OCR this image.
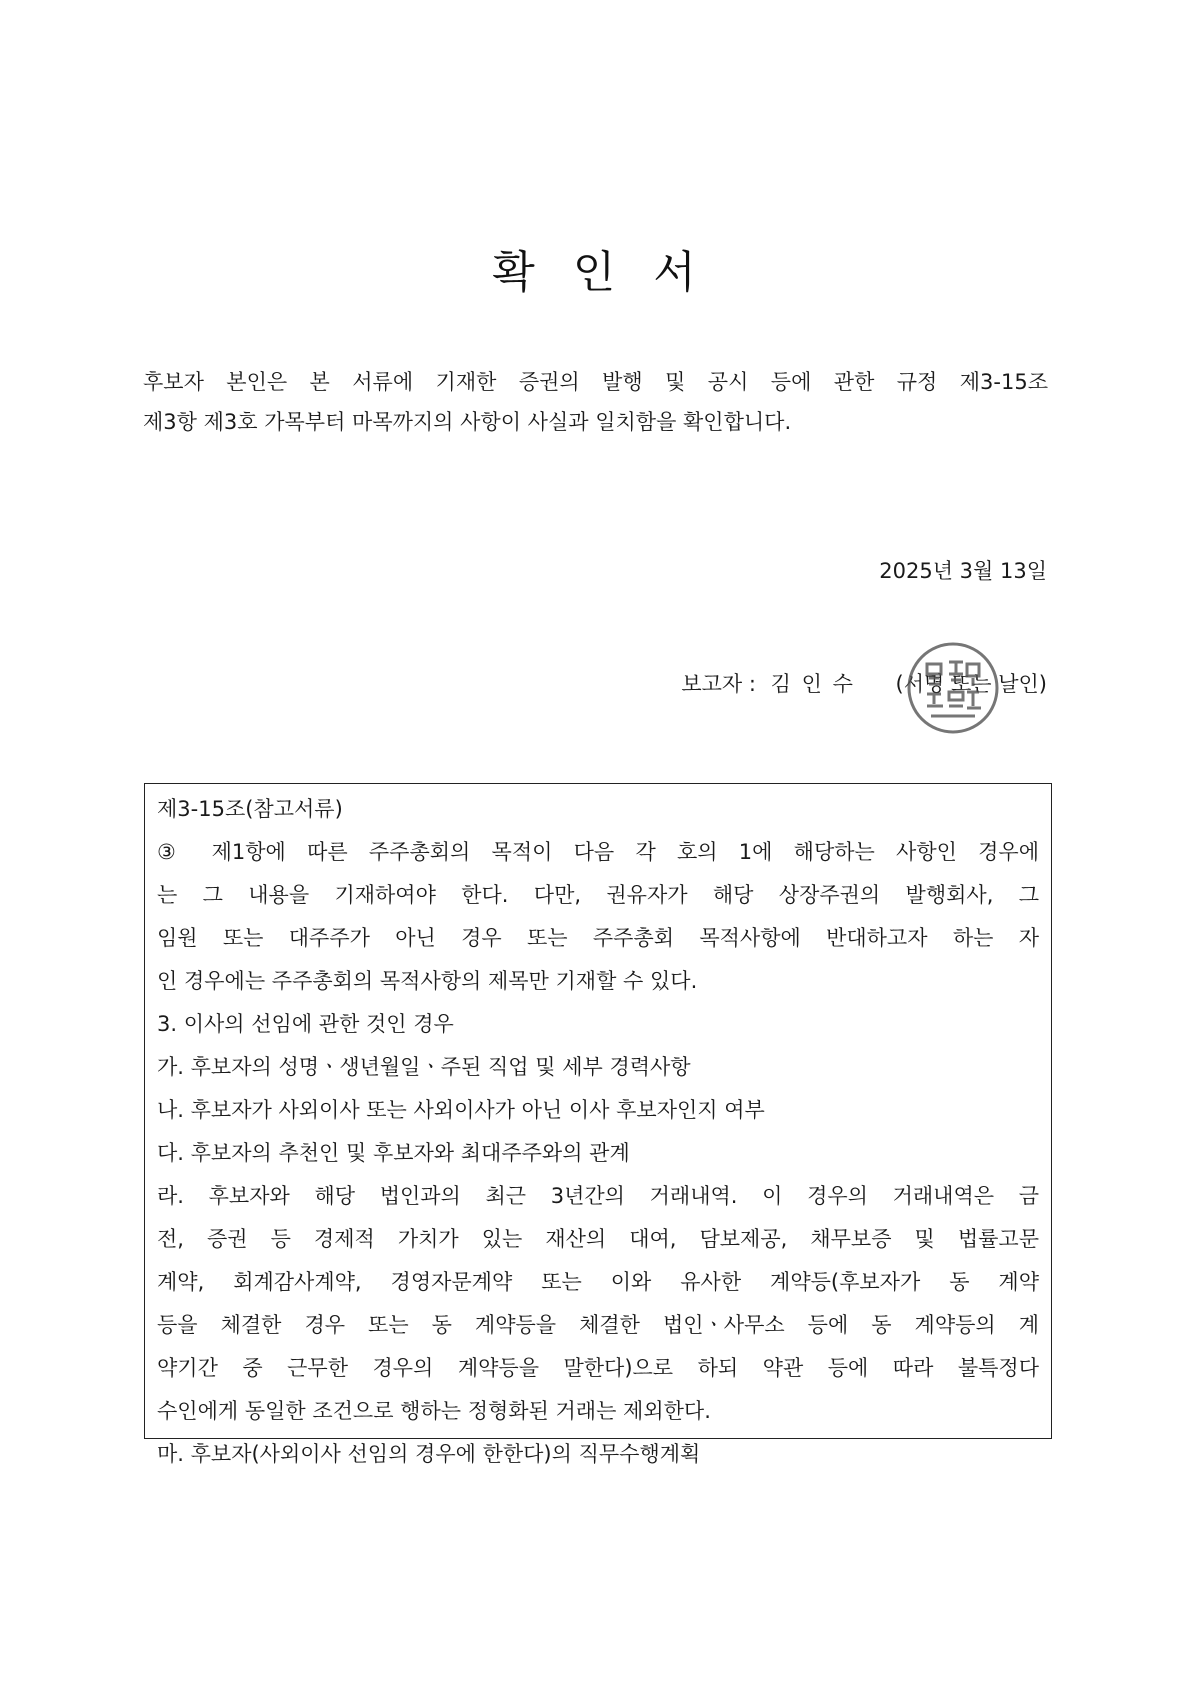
확 인 서
후보자 본인은 본 서류에 기재한 증권의 발행 및 공시 등에 관한 규정 제3-15조
제3항 제3호 가목부터 마목까지의 사항이 사실과 일치함을 확인합니다.
2025년 3월 13일
보고자 : 김 인 수 (서명 또는 날인)
제3-15조(참고서류)
③ 제1항에 따른 주주총회의 목적이 다음 각 호의 1에 해당하는 사항인 경우에
는 그 내용을 기재하여야 한다. 다만, 권유자가 해당 상장주권의 발행회사, 그
임원 또는 대주주가 아닌 경우 또는 주주총회 목적사항에 반대하고자 하는 자
인 경우에는 주주총회의 목적사항의 제목만 기재할 수 있다.
3. 이사의 선임에 관한 것인 경우
가. 후보자의 성명ㆍ생년월일ㆍ주된 직업 및 세부 경력사항
나. 후보자가 사외이사 또는 사외이사가 아닌 이사 후보자인지 여부
다. 후보자의 추천인 및 후보자와 최대주주와의 관계
라. 후보자와 해당 법인과의 최근 3년간의 거래내역. 이 경우의 거래내역은 금
전, 증권 등 경제적 가치가 있는 재산의 대여, 담보제공, 채무보증 및 법률고문
계약, 회계감사계약, 경영자문계약 또는 이와 유사한 계약등(후보자가 동 계약
등을 체결한 경우 또는 동 계약등을 체결한 법인ㆍ사무소 등에 동 계약등의 계
약기간 중 근무한 경우의 계약등을 말한다)으로 하되 약관 등에 따라 불특정다
수인에게 동일한 조건으로 행하는 정형화된 거래는 제외한다.
마. 후보자(사외이사 선임의 경우에 한한다)의 직무수행계획
